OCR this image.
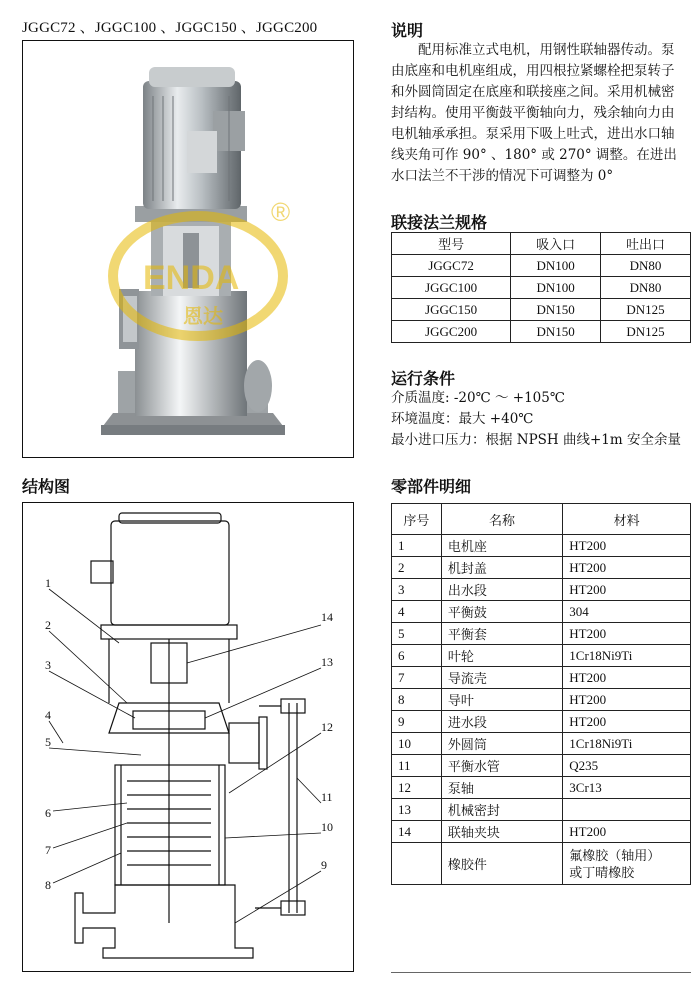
JGGC72 、JGGC100 、JGGC150 、JGGC200
ENDA
恩达
®
说明
配用标准立式电机，用钢性联轴器传动。泵
由底座和电机座组成，用四根拉紧螺栓把泵转子
和外圆筒固定在底座和联接座之间。采用机械密
封结构。使用平衡鼓平衡轴向力，残余轴向力由
电机轴承承担。泵采用下吸上吐式，进出水口轴
线夹角可作 90° 、180° 或 270° 调整。在进出
水口法兰不干涉的情况下可调整为 0°
联接法兰规格
型号	吸入口	吐出口
JGGC72	DN100	DN80
JGGC100	DN100	DN80
JGGC150	DN150	DN125
JGGC200	DN150	DN125
运行条件
介质温度: -20℃ ～ +105℃
环境温度：最大 +40℃
最小进口压力：根据 NPSH 曲线+1m 安全余量
结构图
1
2
3
4
5
6
7
8
9
10
11
12
13
14
零部件明细
序号	名称	材料
1	电机座	HT200
2	机封盖	HT200
3	出水段	HT200
4	平衡鼓	304
5	平衡套	HT200
6	叶轮	1Cr18Ni9Ti
7	导流壳	HT200
8	导叶	HT200
9	进水段	HT200
10	外圆筒	1Cr18Ni9Ti
11	平衡水管	Q235
12	泵轴	3Cr13
13	机械密封	
14	联轴夹块	HT200
	橡胶件	氟橡胶（轴用）
或丁晴橡胶
